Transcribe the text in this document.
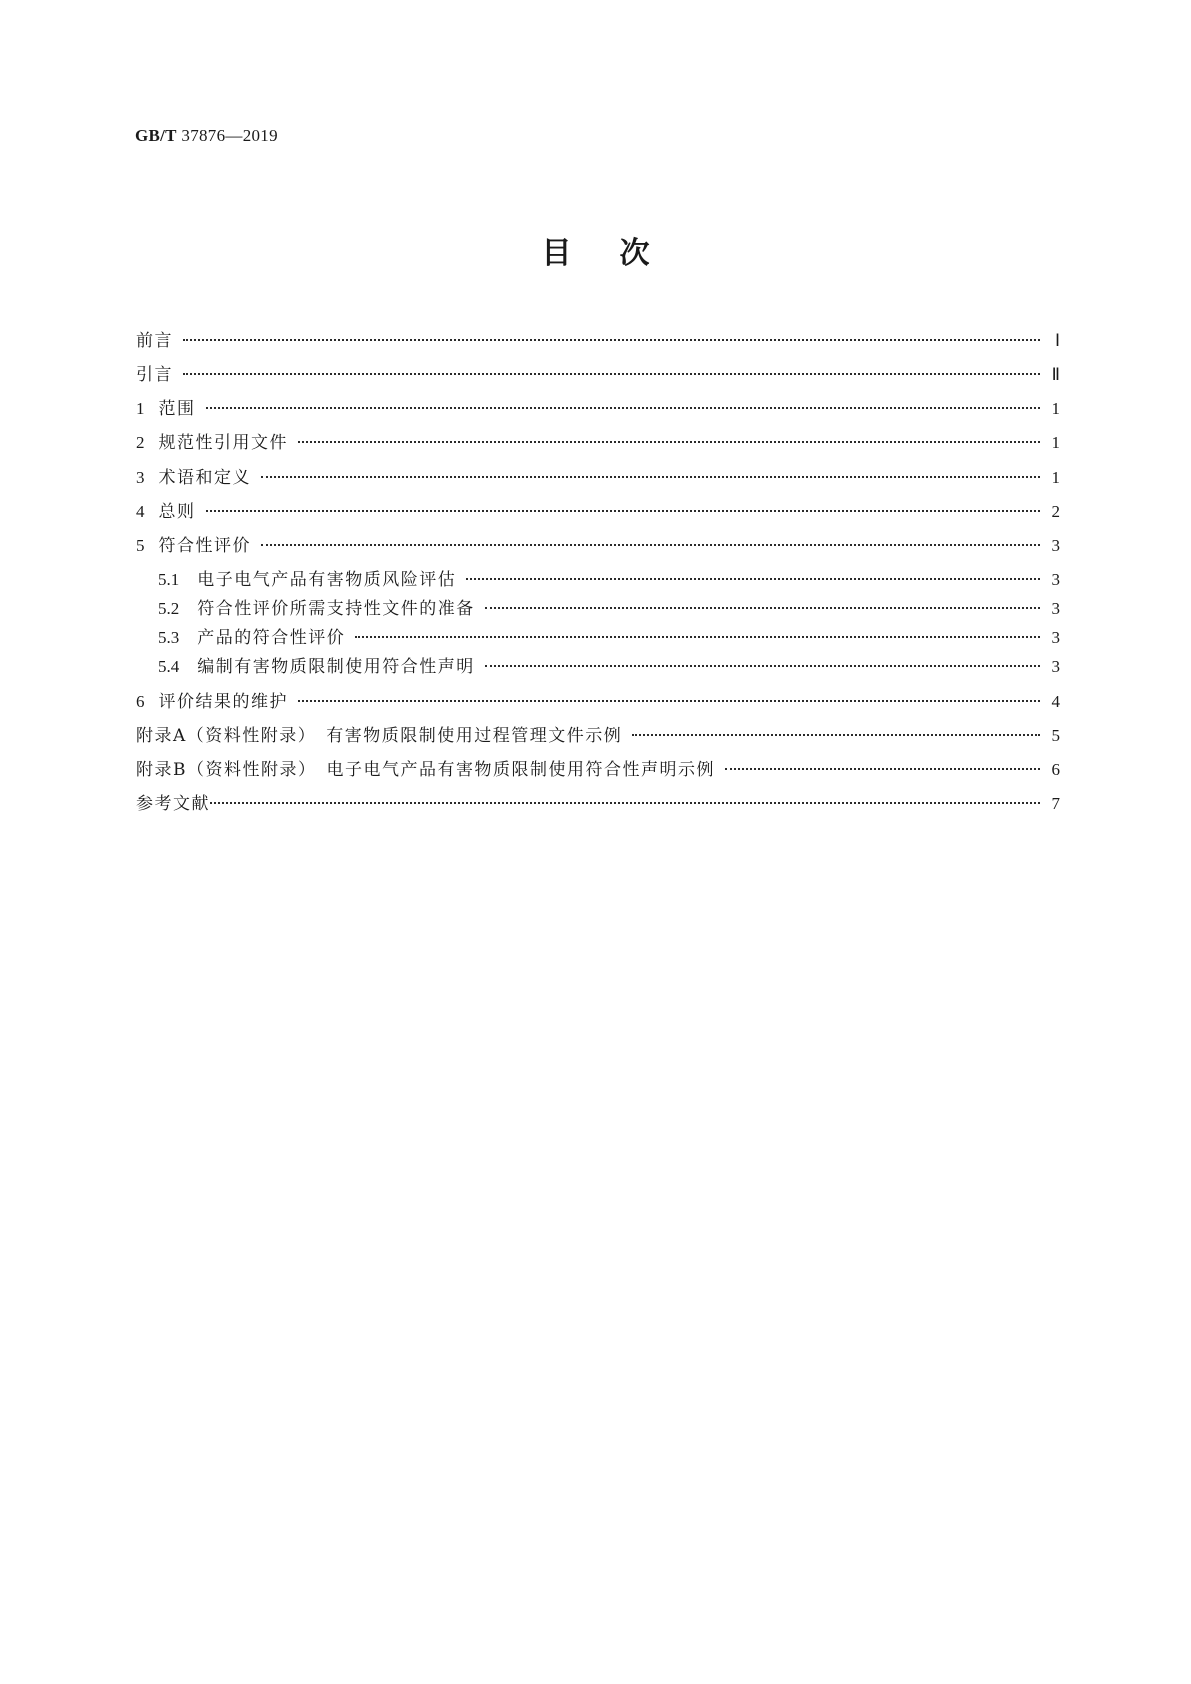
GB/T 37876—2019
目次
前言	Ⅰ
引言	Ⅱ
1 范围	1
2 规范性引用文件	1
3 术语和定义	1
4 总则	2
5 符合性评价	3
5.1 电子电气产品有害物质风险评估	3
5.2 符合性评价所需支持性文件的准备	3
5.3 产品的符合性评价	3
5.4 编制有害物质限制使用符合性声明	3
6 评价结果的维护	4
附录A（资料性附录）　有害物质限制使用过程管理文件示例	5
附录B（资料性附录）　电子电气产品有害物质限制使用符合性声明示例	6
参考文献	7
